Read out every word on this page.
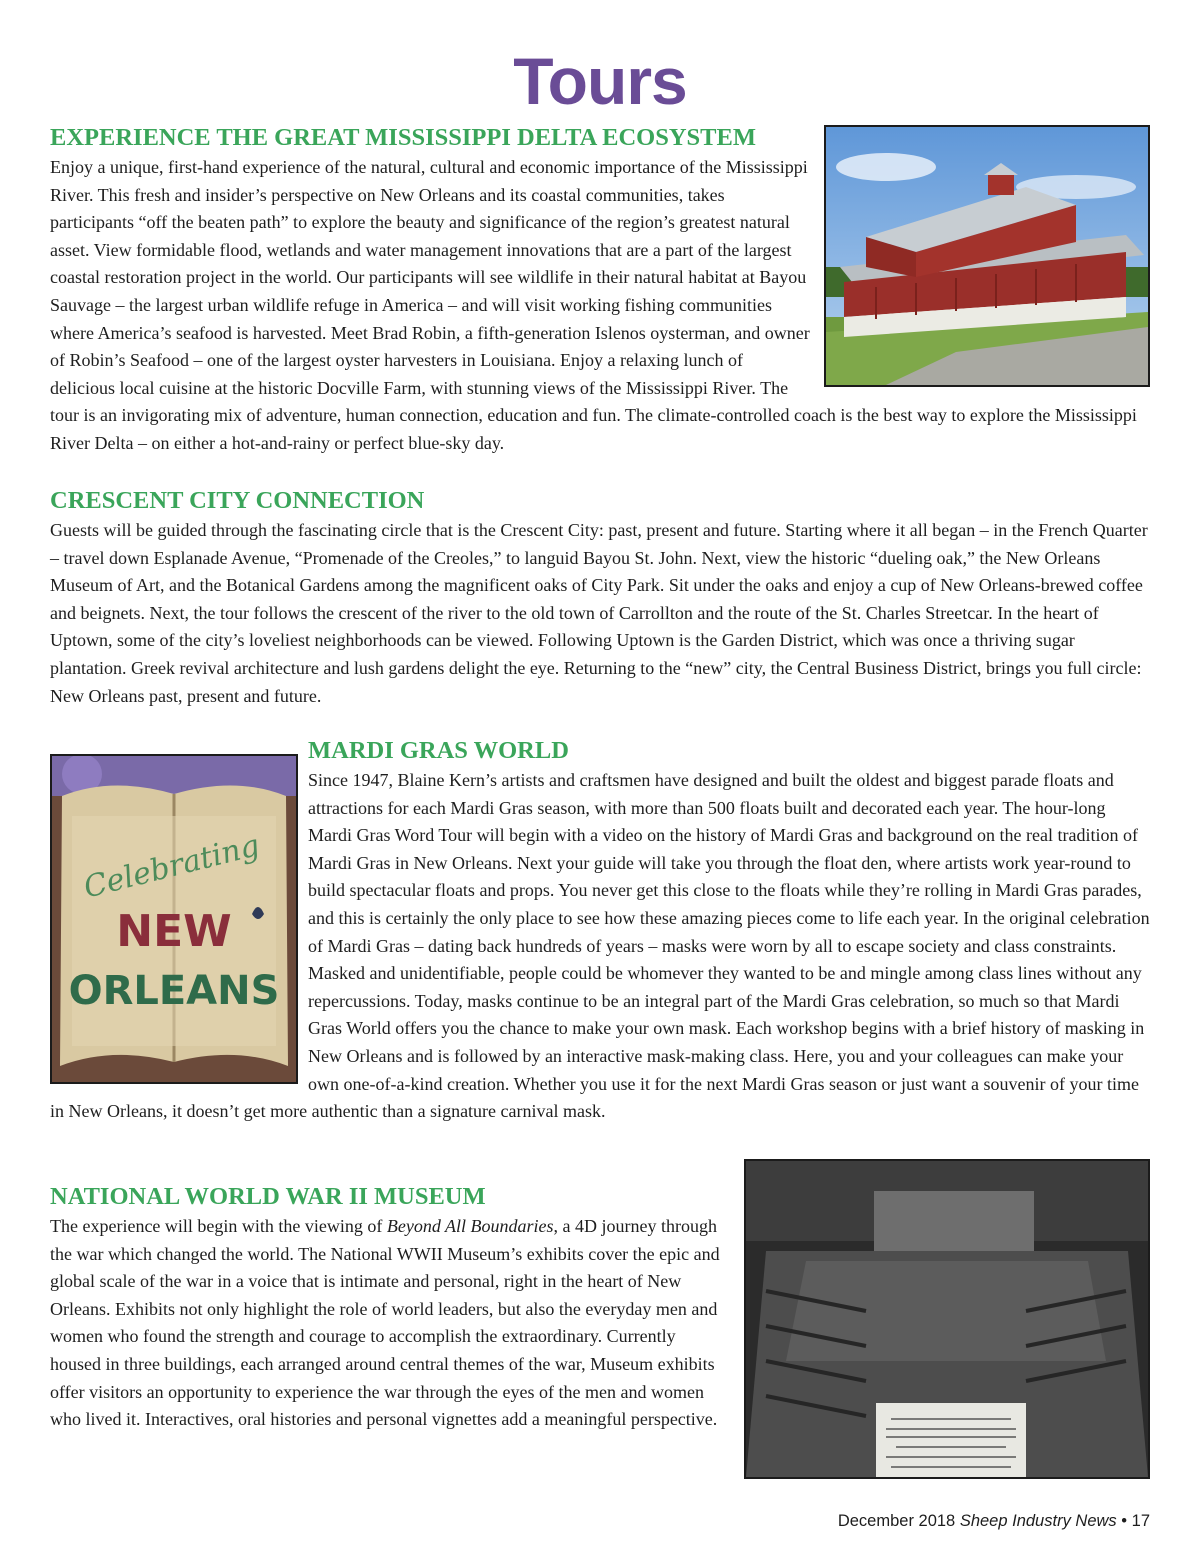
Tours
EXPERIENCE THE GREAT MISSISSIPPI DELTA ECOSYSTEM

Enjoy a unique, first-hand experience of the natural, cultural and economic importance of the Mississippi River. This fresh and insider’s perspective on New Orleans and its coastal communities, takes participants “off the beaten path” to explore the beauty and significance of the region’s greatest natural asset. View formidable flood, wetlands and water management innovations that are a part of the largest coastal restoration project in the world. Our participants will see wildlife in their natural habitat at Bayou Sauvage – the largest urban wildlife refuge in America – and will visit working fishing communities where America’s seafood is harvested. Meet Brad Robin, a fifth-generation Islenos oysterman, and owner of Robin’s Seafood – one of the largest oyster harvesters in Louisiana. Enjoy a relaxing lunch of delicious local cuisine at the historic Docville Farm, with stunning views of the Mississippi River. The tour is an invigorating mix of adventure, human connection, education and fun. The climate-controlled coach is the best way to explore the Mississippi River Delta – on either a hot-and-rainy or perfect blue-sky day.

CRESCENT CITY CONNECTION

Guests will be guided through the fascinating circle that is the Crescent City: past, present and future. Starting where it all began – in the French Quarter – travel down Esplanade Avenue, “Promenade of the Creoles,” to languid Bayou St. John. Next, view the historic “dueling oak,” the New Orleans Museum of Art, and the Botanical Gardens among the magnificent oaks of City Park. Sit under the oaks and enjoy a cup of New Orleans-brewed coffee and beignets. Next, the tour follows the crescent of the river to the old town of Carrollton and the route of the St. Charles Streetcar. In the heart of Uptown, some of the city’s loveliest neighborhoods can be viewed. Following Uptown is the Garden District, which was once a thriving sugar plantation. Greek revival architecture and lush gardens delight the eye. Returning to the “new” city, the Central Business District, brings you full circle: New Orleans past, present and future.

Celebrating
NEW
ORLEANS
MARDI GRAS WORLD

Since 1947, Blaine Kern’s artists and craftsmen have designed and built the oldest and biggest parade floats and attractions for each Mardi Gras season, with more than 500 floats built and decorated each year. The hour-long Mardi Gras Word Tour will begin with a video on the history of Mardi Gras and background on the real tradition of Mardi Gras in New Orleans. Next your guide will take you through the float den, where artists work year-round to build spectacular floats and props. You never get this close to the floats while they’re rolling in Mardi Gras parades, and this is certainly the only place to see how these amazing pieces come to life each year. In the original celebration of Mardi Gras – dating back hundreds of years – masks were worn by all to escape society and class constraints. Masked and unidentifiable, people could be whomever they wanted to be and mingle among class lines without any repercussions. Today, masks continue to be an integral part of the Mardi Gras celebration, so much so that Mardi Gras World offers you the chance to make your own mask. Each workshop begins with a brief history of masking in New Orleans and is followed by an interactive mask-making class. Here, you and your colleagues can make your own one-of-a-kind creation. Whether you use it for the next Mardi Gras season or just want a souvenir of your time in New Orleans, it doesn’t get more authentic than a signature carnival mask.

NATIONAL WORLD WAR II MUSEUM

The experience will begin with the viewing of Beyond All Boundaries, a 4D journey through the war which changed the world. The National WWII Museum’s exhibits cover the epic and global scale of the war in a voice that is intimate and personal, right in the heart of New Orleans. Exhibits not only highlight the role of world leaders, but also the everyday men and women who found the strength and courage to accomplish the extraordinary. Currently housed in three buildings, each arranged around central themes of the war, Museum exhibits offer visitors an opportunity to experience the war through the eyes of the men and women who lived it. Interactives, oral histories and personal vignettes add a meaningful perspective.

December 2018 Sheep Industry News • 17
